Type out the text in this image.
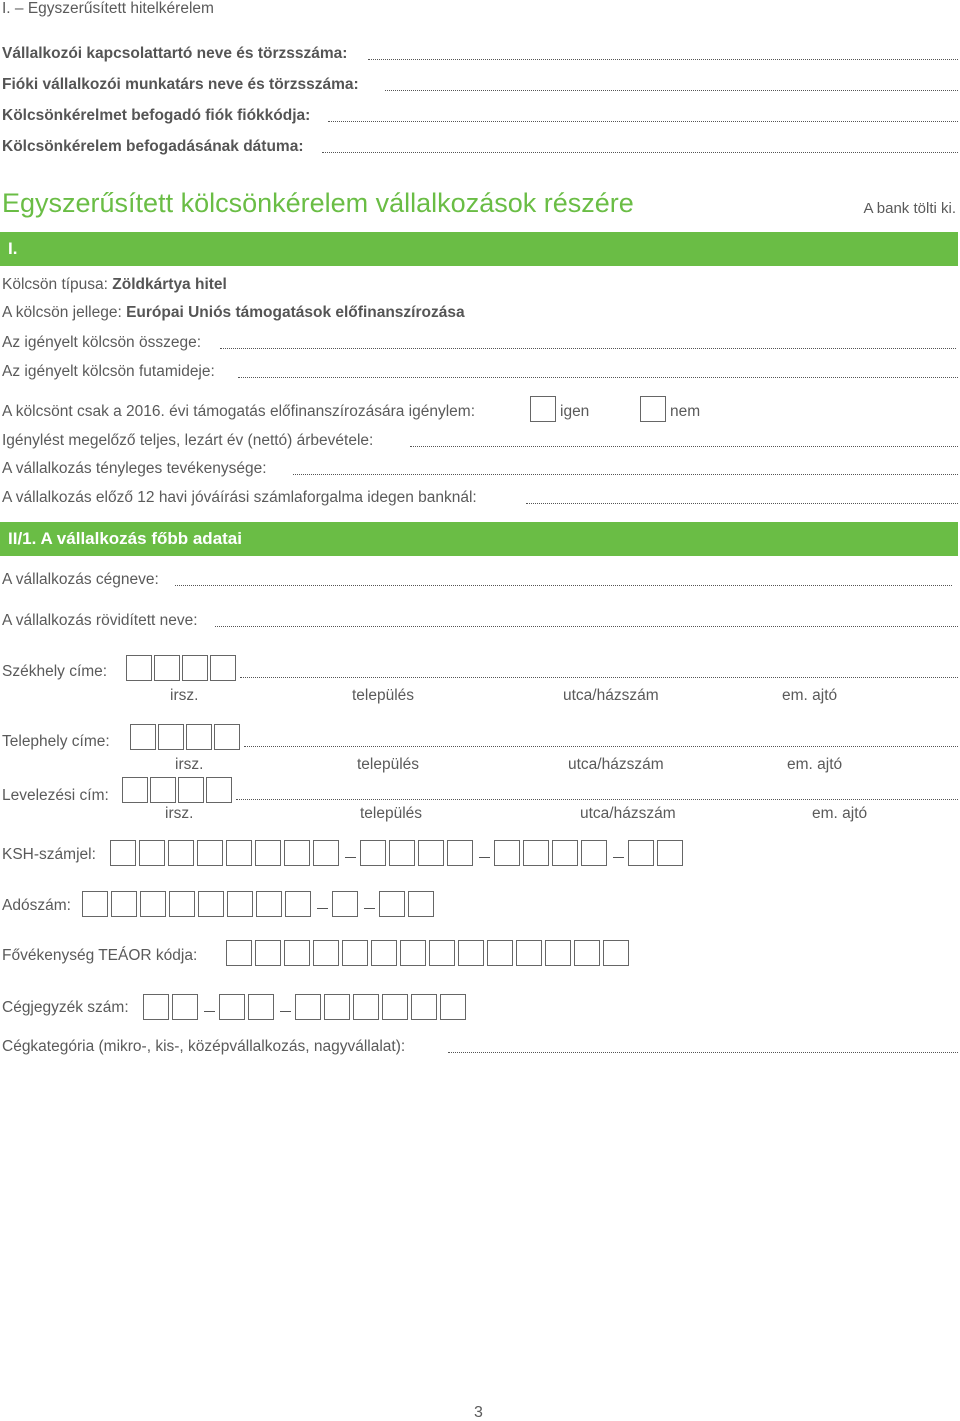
I. – Egyszerűsített hitelkérelem
Vállalkozói kapcsolattartó neve és törzsszáma:
Fióki vállalkozói munkatárs neve és törzsszáma:
Kölcsönkérelmet befogadó fiók fiókkódja:
Kölcsönkérelem befogadásának dátuma:
Egyszerűsített kölcsönkérelem vállalkozások részére	A bank tölti ki.
I.
Kölcsön típusa: Zöldkártya hitel
A kölcsön jellege: Európai Uniós támogatások előfinanszírozása
Az igényelt kölcsön összege:
Az igényelt kölcsön futamideje:
A kölcsönt csak a 2016. évi támogatás előfinanszírozására igénylem:	igen	nem
Igénylést megelőző teljes, lezárt év (nettó) árbevétele:
A vállalkozás tényleges tevékenysége:
A vállalkozás előző 12 havi jóváírási számlaforgalma idegen banknál:
II/1. A vállalkozás főbb adatai
A vállalkozás cégneve:
A vállalkozás rövidített neve:
Székhely címe:
irsz.	település	utca/házszám	em. ajtó
Telephely címe:
irsz.	település	utca/házszám	em. ajtó
Levelezési cím:
irsz.	település	utca/házszám	em. ajtó
KSH-számjel:
Adószám:
Fővékenység TEÁOR kódja:
Cégjegyzék szám:
Cégkategória (mikro-, kis-, középvállalkozás, nagyvállalat):
3
